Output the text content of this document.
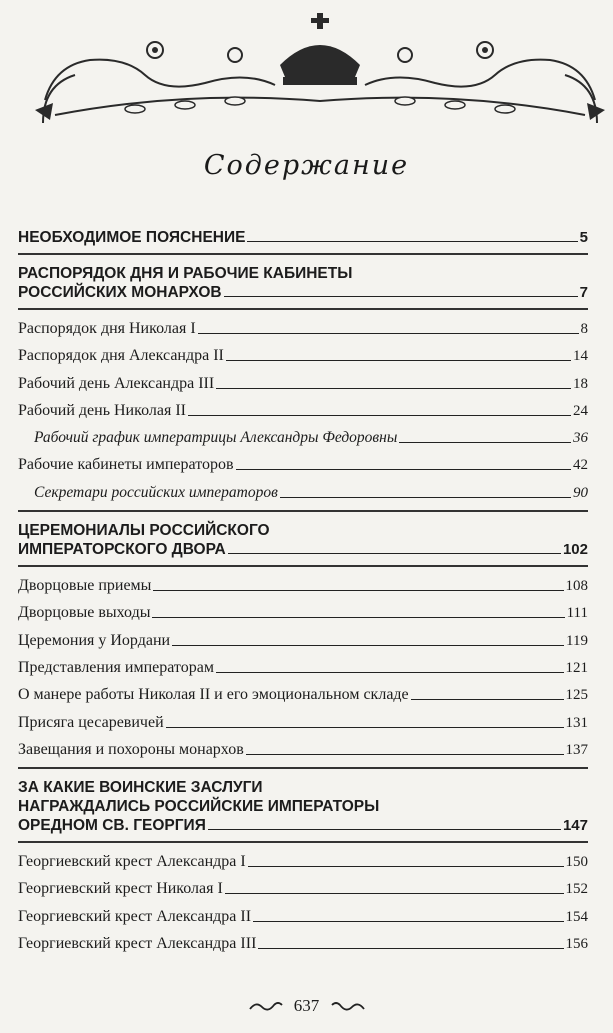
Содержание
НЕОБХОДИМОЕ ПОЯСНЕНИЕ	5
РАСПОРЯДОК ДНЯ И РАБОЧИЕ КАБИНЕТЫ
РОССИЙСКИХ МОНАРХОВ	7
Распорядок дня Николая I	8
Распорядок дня Александра II	14
Рабочий день Александра III	18
Рабочий день Николая II	24
Рабочий график императрицы Александры Федоровны	36
Рабочие кабинеты императоров	42
Секретари российских императоров	90
ЦЕРЕМОНИАЛЫ РОССИЙСКОГО
ИМПЕРАТОРСКОГО ДВОРА	102
Дворцовые приемы	108
Дворцовые выходы	111
Церемония у Иордани	119
Представления императорам	121
О манере работы Николая II и его эмоциональном складе	125
Присяга цесаревичей	131
Завещания и похороны монархов	137
ЗА КАКИЕ ВОИНСКИЕ ЗАСЛУГИ
НАГРАЖДАЛИСЬ РОССИЙСКИЕ ИМПЕРАТОРЫ
ОРЕДНОМ СВ. ГЕОРГИЯ	147
Георгиевский крест Александра I	150
Георгиевский крест Николая I	152
Георгиевский крест Александра II	154
Георгиевский крест Александра III	156
637
